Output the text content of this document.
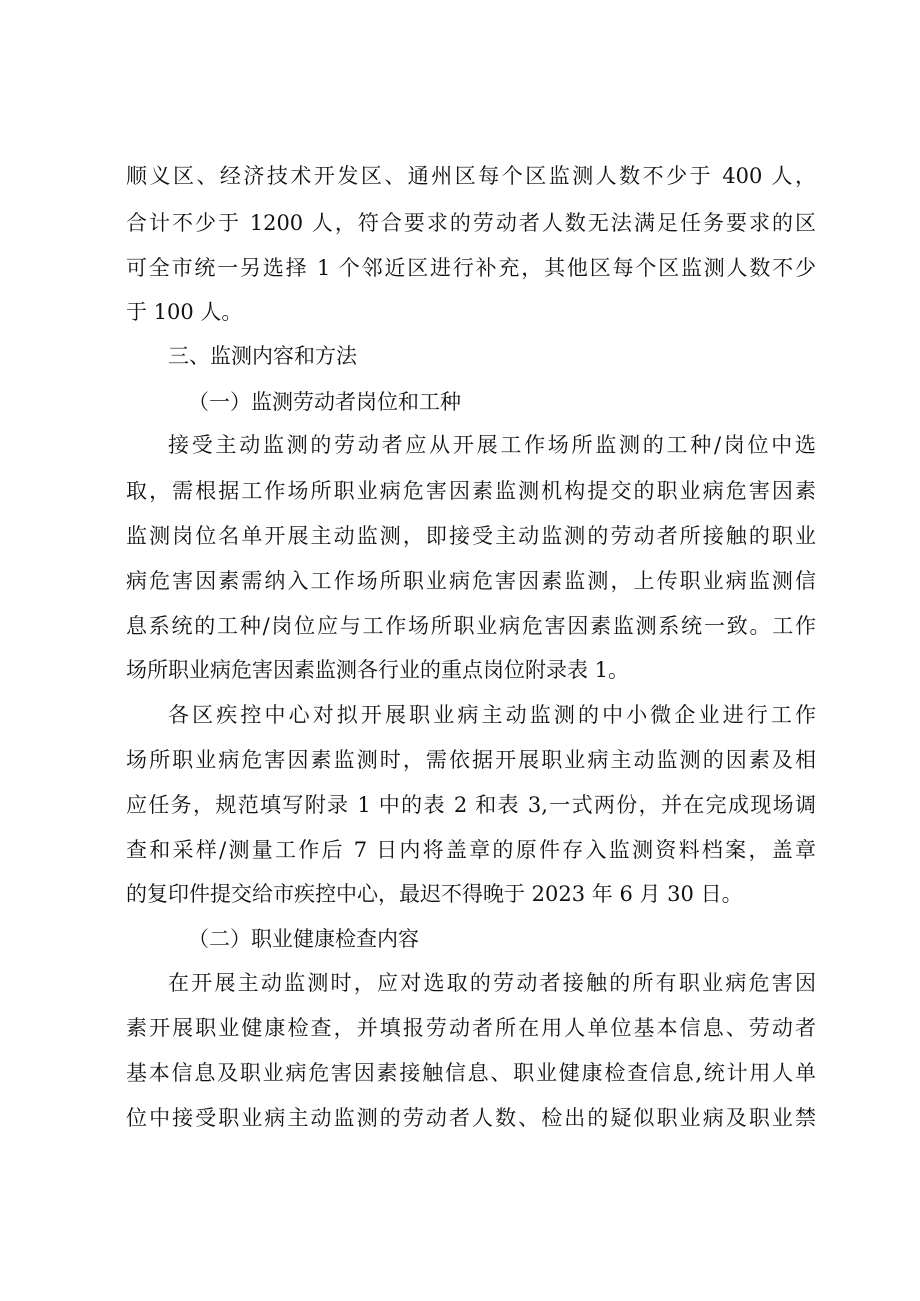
顺义区、经济技术开发区、通州区每个区监测人数不少于 400 人，
合计不少于 1200 人，符合要求的劳动者人数无法满足任务要求的区
可全市统一另选择 1 个邻近区进行补充，其他区每个区监测人数不少
于 100 人。
三、监测内容和方法
（一）监测劳动者岗位和工种
接受主动监测的劳动者应从开展工作场所监测的工种/岗位中选
取，需根据工作场所职业病危害因素监测机构提交的职业病危害因素
监测岗位名单开展主动监测，即接受主动监测的劳动者所接触的职业
病危害因素需纳入工作场所职业病危害因素监测，上传职业病监测信
息系统的工种/岗位应与工作场所职业病危害因素监测系统一致。工作
场所职业病危害因素监测各行业的重点岗位附录表 1。
各区疾控中心对拟开展职业病主动监测的中小微企业进行工作
场所职业病危害因素监测时，需依据开展职业病主动监测的因素及相
应任务，规范填写附录 1 中的表 2 和表 3,一式两份，并在完成现场调
查和采样/测量工作后 7 日内将盖章的原件存入监测资料档案，盖章
的复印件提交给市疾控中心，最迟不得晚于 2023 年 6 月 30 日。
（二）职业健康检查内容
在开展主动监测时，应对选取的劳动者接触的所有职业病危害因
素开展职业健康检查，并填报劳动者所在用人单位基本信息、劳动者
基本信息及职业病危害因素接触信息、职业健康检查信息,统计用人单
位中接受职业病主动监测的劳动者人数、检出的疑似职业病及职业禁
